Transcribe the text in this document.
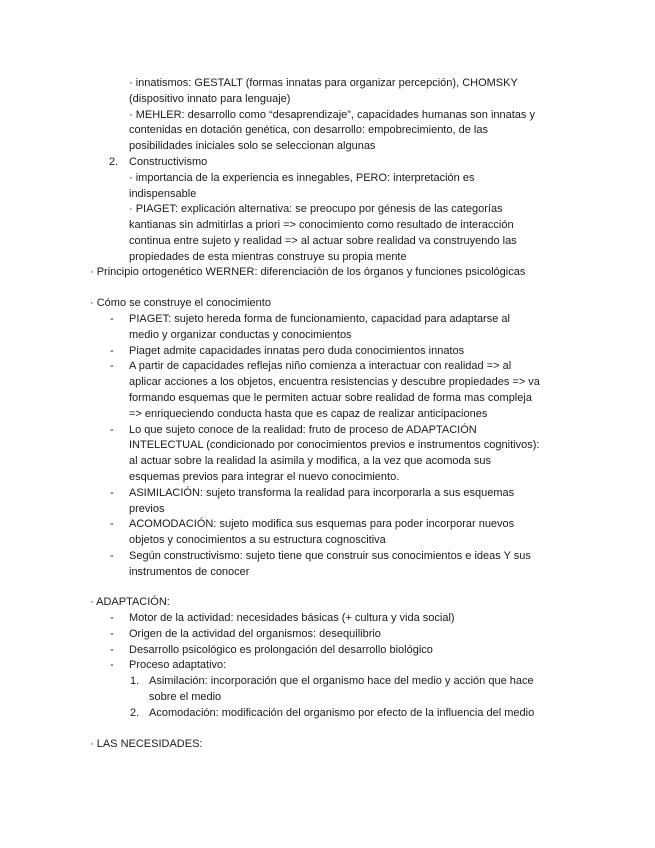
· innatismos: GESTALT (formas innatas para organizar percepción), CHOMSKY
(dispositivo innato para lenguaje)
· MEHLER: desarrollo como “desaprendizaje”, capacidades humanas son innatas y
contenidas en dotación genética, con desarrollo: empobrecimiento, de las
posibilidades iniciales solo se seleccionan algunas
2. Constructivismo
· importancia de la experiencia es innegables, PERO: interpretación es
indispensable
· PIAGET: explicación alternativa: se preocupo por génesis de las categorías
kantianas sin admitirlas a priori => conocimiento como resultado de interacción
continua entre sujeto y realidad => al actuar sobre realidad va construyendo las
propiedades de esta mientras construye su propia mente
· Principio ortogenético WERNER: diferenciación de los órganos y funciones psicológicas
· Cómo se construye el conocimiento
- PIAGET: sujeto hereda forma de funcionamiento, capacidad para adaptarse al
medio y organizar conductas y conocimientos
- Piaget admite capacidades innatas pero duda conocimientos innatos
- A partir de capacidades reflejas niño comienza a interactuar con realidad => al
aplicar acciones a los objetos, encuentra resistencias y descubre propiedades => va
formando esquemas que le permiten actuar sobre realidad de forma mas compleja
=> enriqueciendo conducta hasta que es capaz de realizar anticipaciones
- Lo que sujeto conoce de la realidad: fruto de proceso de ADAPTACIÓN
INTELECTUAL (condicionado por conocimientos previos e instrumentos cognitivos):
al actuar sobre la realidad la asimila y modifica, a la vez que acomoda sus
esquemas previos para integrar el nuevo conocimiento.
- ASIMILACIÓN: sujeto transforma la realidad para incorporarla a sus esquemas
previos
- ACOMODACIÓN: sujeto modifica sus esquemas para poder incorporar nuevos
objetos y conocimientos a su estructura cognoscitiva
- Según constructivismo: sujeto tiene que construir sus conocimientos e ideas Y sus
instrumentos de conocer
· ADAPTACIÓN:
- Motor de la actividad: necesidades básicas (+ cultura y vida social)
- Origen de la actividad del organismos: desequilibrio
- Desarrollo psicológico es prolongación del desarrollo biológico
- Proceso adaptativo:
1. Asimilación: incorporación que el organismo hace del medio y acción que hace
sobre el medio
2. Acomodación: modificación del organismo por efecto de la influencia del medio
· LAS NECESIDADES:
